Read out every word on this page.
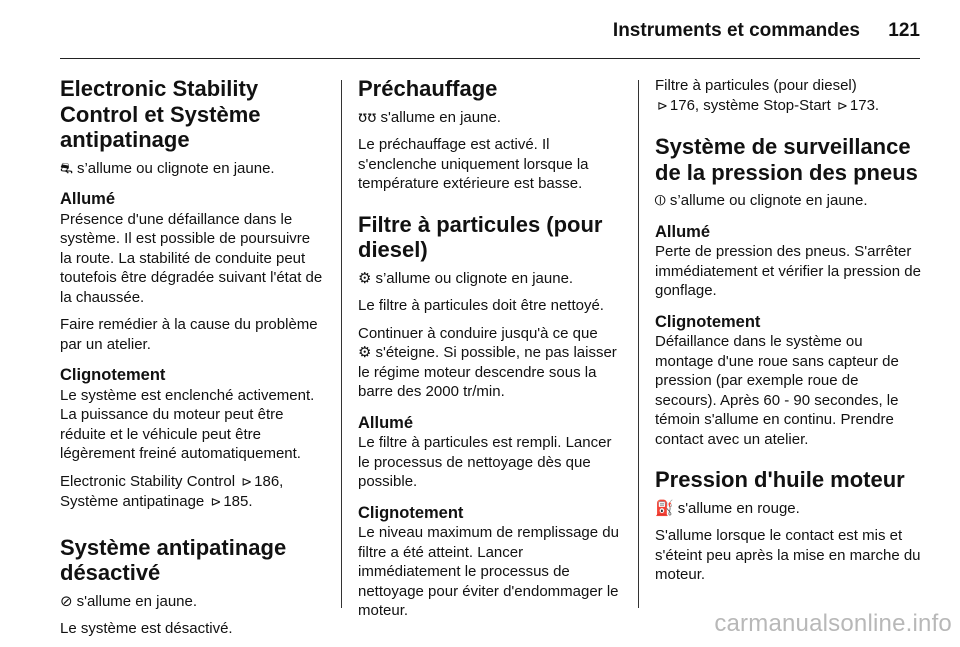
Instruments et commandes 121
Electronic Stability Control et Système antipatinage

⛐ s’allume ou clignote en jaune.

Allumé

Présence d'une défaillance dans le système. Il est possible de poursuivre la route. La stabilité de conduite peut toutefois être dégradée suivant l'état de la chaussée.

Faire remédier à la cause du problème par un atelier.

Clignotement

Le système est enclenché activement. La puissance du moteur peut être réduite et le véhicule peut être légèrement freiné automatiquement.

Electronic Stability Control ⊳ 186,
Système antipatinage ⊳ 185.

Système antipatinage désactivé

⊘ s'allume en jaune.

Le système est désactivé.

Préchauffage

ʊʊ s'allume en jaune.

Le préchauffage est activé. Il s'enclenche uniquement lorsque la température extérieure est basse.

Filtre à particules (pour diesel)

⚙ s’allume ou clignote en jaune.

Le filtre à particules doit être nettoyé.

Continuer à conduire jusqu'à ce que
⚙ s'éteigne. Si possible, ne pas laisser le régime moteur descendre sous la barre des 2000 tr/min.

Allumé

Le filtre à particules est rempli. Lancer le processus de nettoyage dès que possible.

Clignotement

Le niveau maximum de remplissage du filtre a été atteint. Lancer immédiatement le processus de nettoyage pour éviter d'endommager le moteur.

Filtre à particules (pour diesel)
⊳ 176, système Stop-Start ⊳ 173.

Système de surveillance de la pression des pneus

⦶ s’allume ou clignote en jaune.

Allumé

Perte de pression des pneus. S'arrêter immédiatement et vérifier la pression de gonflage.

Clignotement

Défaillance dans le système ou montage d'une roue sans capteur de pression (par exemple roue de secours). Après 60 - 90 secondes, le témoin s'allume en continu. Prendre contact avec un atelier.

Pression d'huile moteur

⛽ s'allume en rouge.

S'allume lorsque le contact est mis et s'éteint peu après la mise en marche du moteur.

carmanualsonline.info
